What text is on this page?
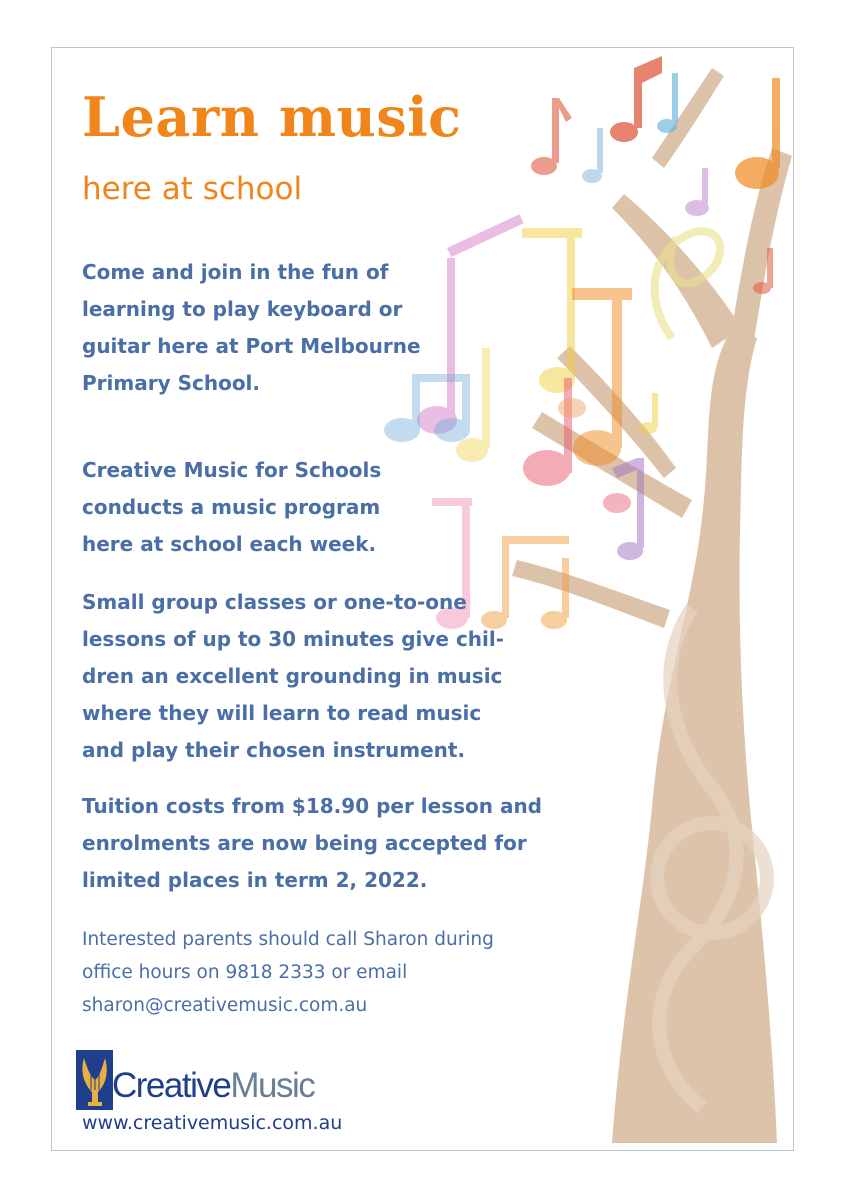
Learn music
here at school

Come and join in the fun of
learning to play keyboard or
guitar here at Port Melbourne
Primary School.

Creative Music for Schools
conducts a music program
here at school each week.

Small group classes or one-to-one
lessons of up to 30 minutes give chil-
dren an excellent grounding in music
where they will learn to read music
and play their chosen instrument.

Tuition costs from $18.90 per lesson and
enrolments are now being accepted for
limited places in term 2, 2022.

Interested parents should call Sharon during
office hours on 9818 2333 or email
sharon@creativemusic.com.au

CreativeMusic

www.creativemusic.com.au
